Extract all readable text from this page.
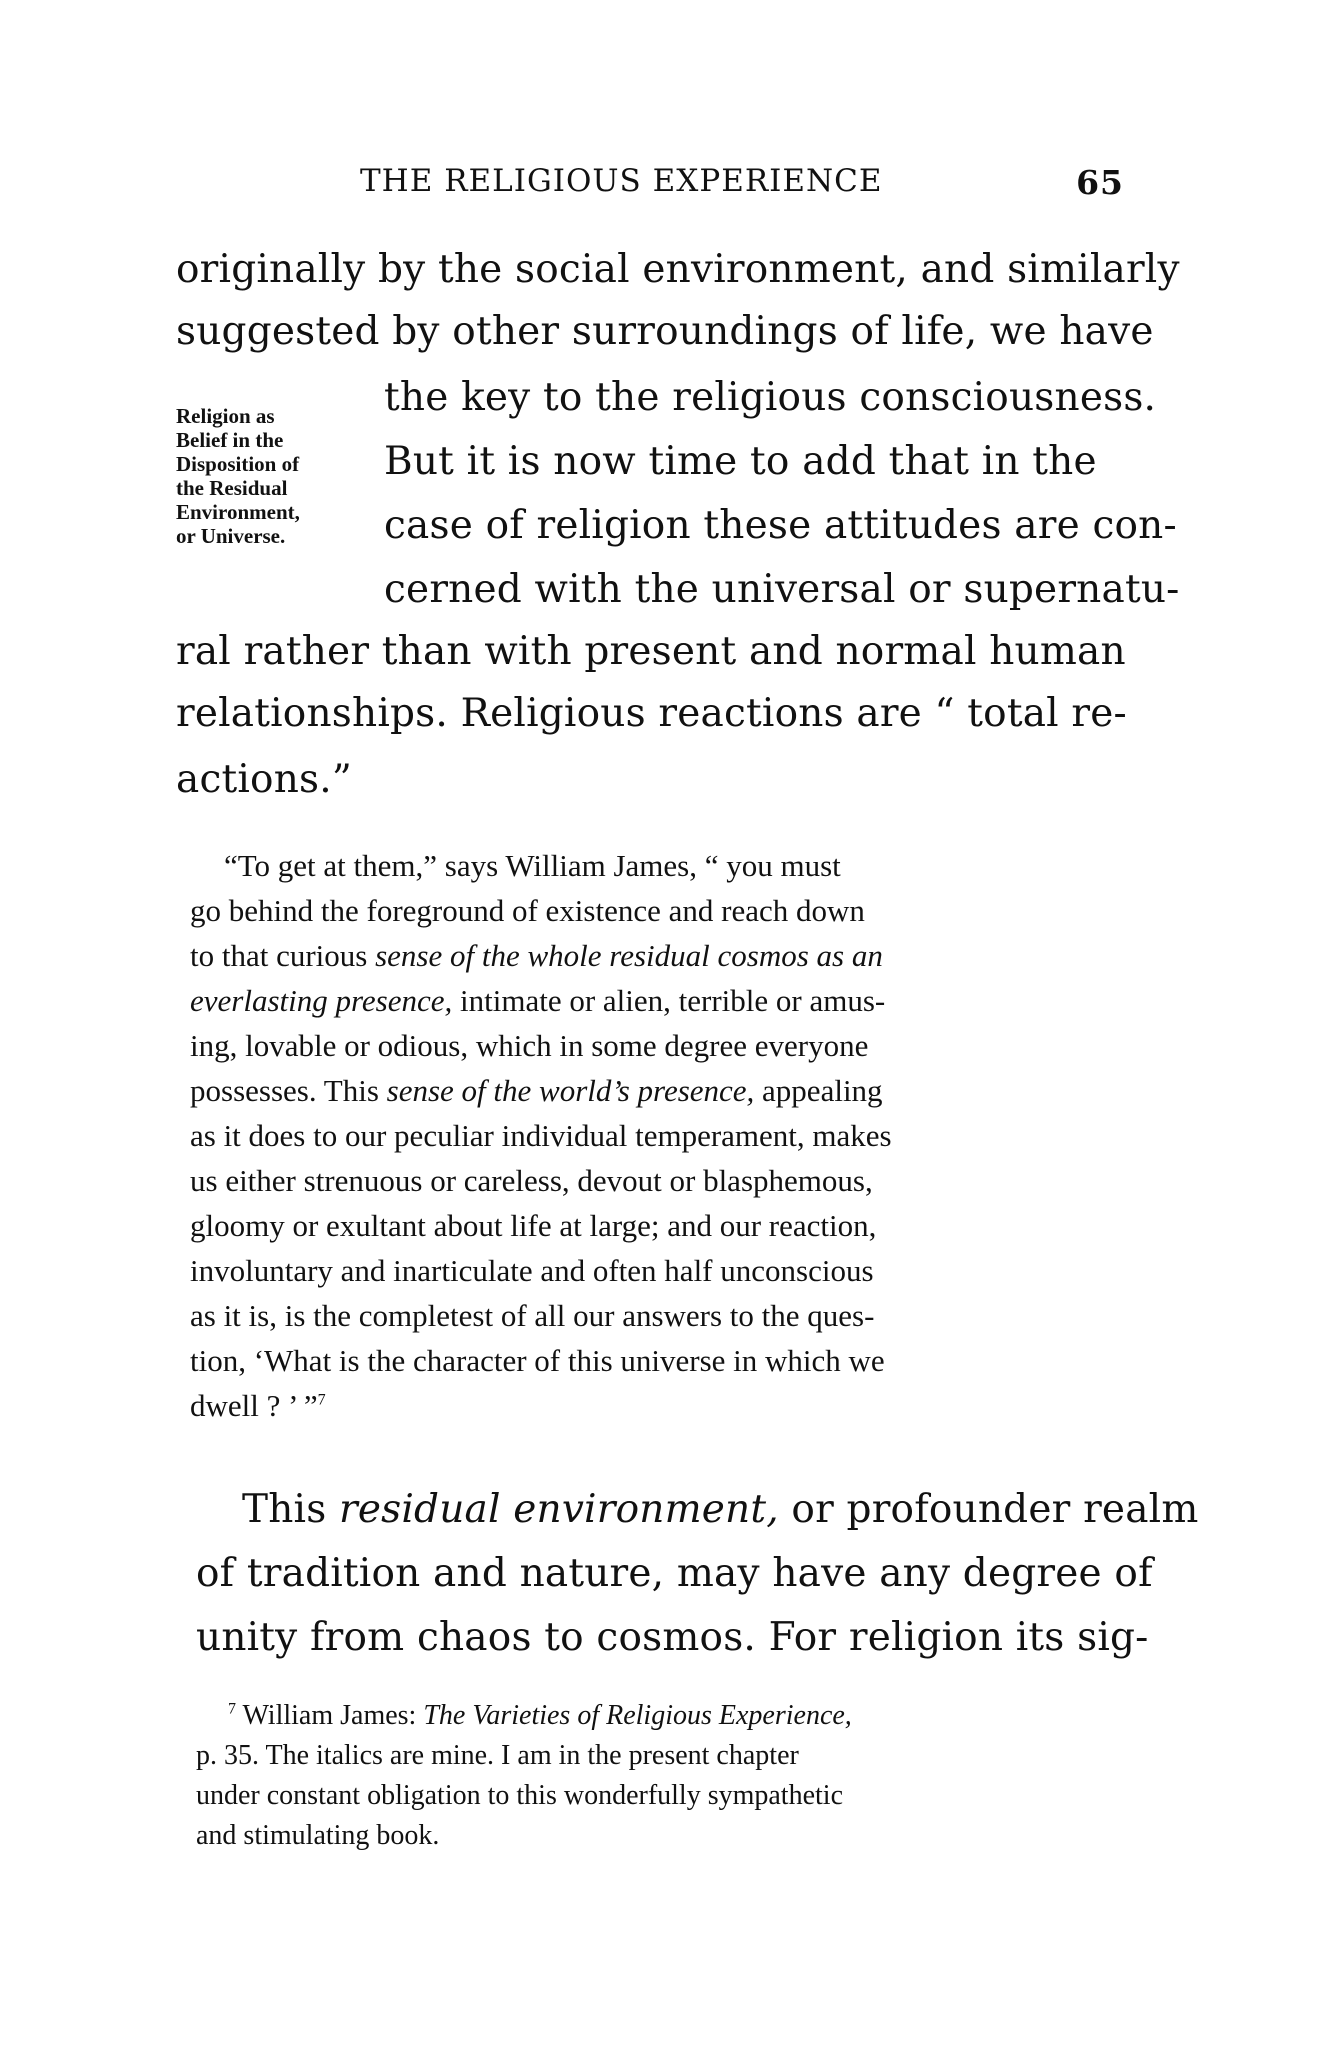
THE RELIGIOUS EXPERIENCE	65
originally by the social environment, and similarly
suggested by other surroundings of life, we have
the key to the religious consciousness.
But it is now time to add that in the
case of religion these attitudes are con-
cerned with the universal or supernatu-
ral rather than with present and normal human
relationships. Religious reactions are “ total re-
actions.”
Religion as
Belief in the
Disposition of
the Residual
Environment,
or Universe.
“To get at them,” says William James, “ you must
go behind the foreground of existence and reach down
to that curious sense of the whole residual cosmos as an
everlasting presence, intimate or alien, terrible or amus-
ing, lovable or odious, which in some degree everyone
possesses. This sense of the world’s presence, appealing
as it does to our peculiar individual temperament, makes
us either strenuous or careless, devout or blasphemous,
gloomy or exultant about life at large; and our reaction,
involuntary and inarticulate and often half unconscious
as it is, is the completest of all our answers to the ques-
tion, ‘What is the character of this universe in which we
dwell ? ’ ”$^7$
This residual environment, or profounder realm
of tradition and nature, may have any degree of
unity from chaos to cosmos. For religion its sig-
$^7$ William James: The Varieties of Religious Experience,
p. 35. The italics are mine. I am in the present chapter
under constant obligation to this wonderfully sympathetic
and stimulating book.
